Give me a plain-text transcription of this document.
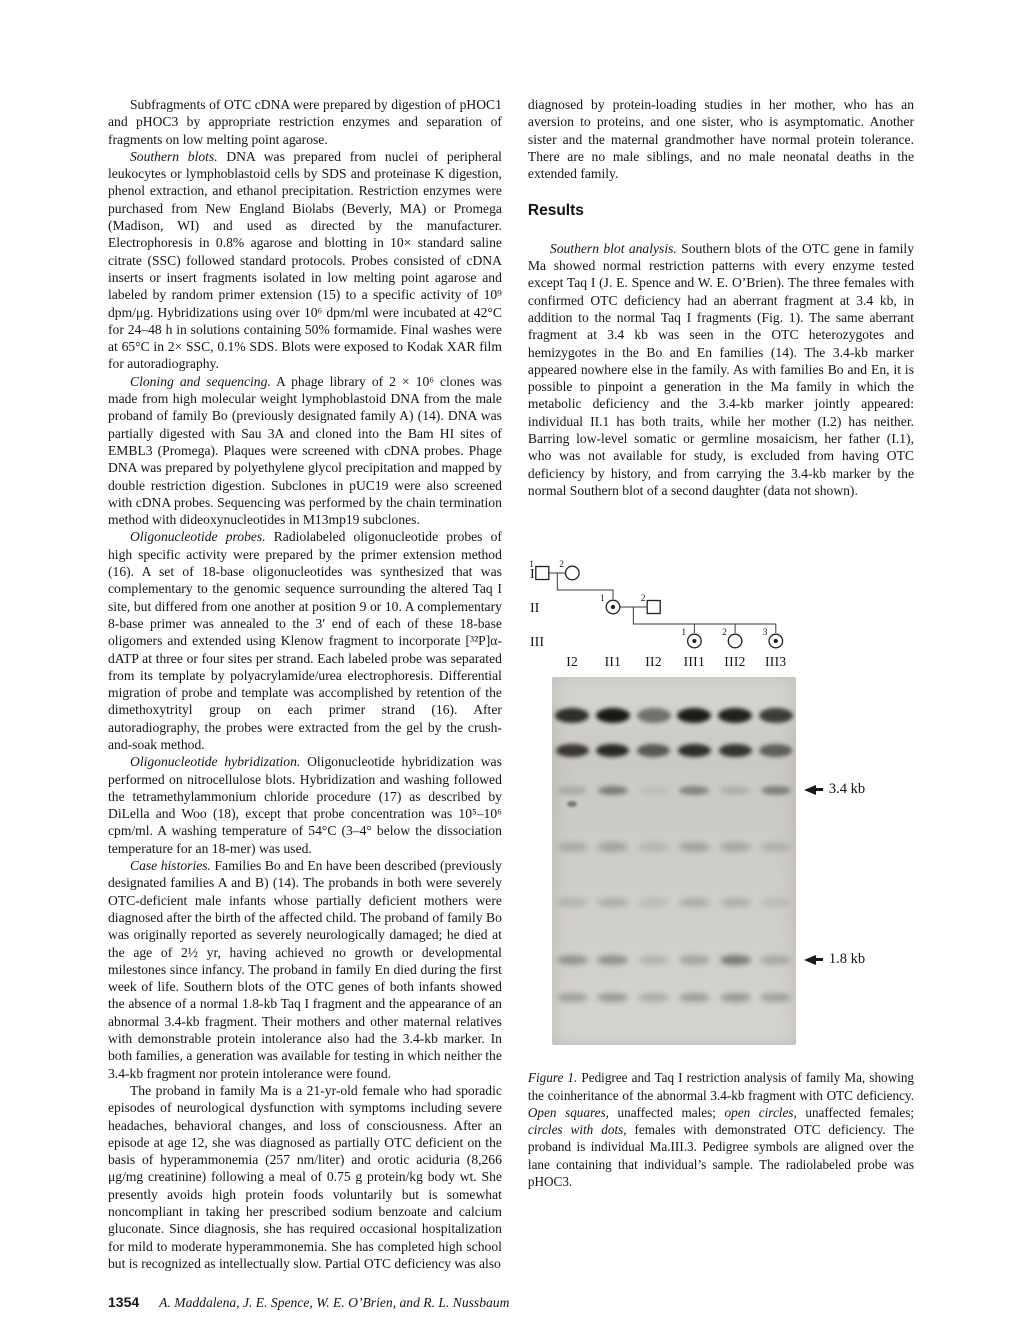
Subfragments of OTC cDNA were prepared by digestion of pHOC1 and pHOC3 by appropriate restriction enzymes and separation of fragments on low melting point agarose.

Southern blots. DNA was prepared from nuclei of peripheral leukocytes or lymphoblastoid cells by SDS and proteinase K digestion, phenol extraction, and ethanol precipitation. Restriction enzymes were purchased from New England Biolabs (Beverly, MA) or Promega (Madison, WI) and used as directed by the manufacturer. Electrophoresis in 0.8% agarose and blotting in 10× standard saline citrate (SSC) followed standard protocols. Probes consisted of cDNA inserts or insert fragments isolated in low melting point agarose and labeled by random primer extension (15) to a specific activity of 10⁹ dpm/μg. Hybridizations using over 10⁶ dpm/ml were incubated at 42°C for 24–48 h in solutions containing 50% formamide. Final washes were at 65°C in 2× SSC, 0.1% SDS. Blots were exposed to Kodak XAR film for autoradiography.

Cloning and sequencing. A phage library of 2 × 10⁶ clones was made from high molecular weight lymphoblastoid DNA from the male proband of family Bo (previously designated family A) (14). DNA was partially digested with Sau 3A and cloned into the Bam HI sites of EMBL3 (Promega). Plaques were screened with cDNA probes. Phage DNA was prepared by polyethylene glycol precipitation and mapped by double restriction digestion. Subclones in pUC19 were also screened with cDNA probes. Sequencing was performed by the chain termination method with dideoxynucleotides in M13mp19 subclones.

Oligonucleotide probes. Radiolabeled oligonucleotide probes of high specific activity were prepared by the primer extension method (16). A set of 18-base oligonucleotides was synthesized that was complementary to the genomic sequence surrounding the altered Taq I site, but differed from one another at position 9 or 10. A complementary 8-base primer was annealed to the 3′ end of each of these 18-base oligomers and extended using Klenow fragment to incorporate [³²P]α-dATP at three or four sites per strand. Each labeled probe was separated from its template by polyacrylamide/urea electrophoresis. Differential migration of probe and template was accomplished by retention of the dimethoxytrityl group on each primer strand (16). After autoradiography, the probes were extracted from the gel by the crush-and-soak method.

Oligonucleotide hybridization. Oligonucleotide hybridization was performed on nitrocellulose blots. Hybridization and washing followed the tetramethylammonium chloride procedure (17) as described by DiLella and Woo (18), except that probe concentration was 10⁵–10⁶ cpm/ml. A washing temperature of 54°C (3–4° below the dissociation temperature for an 18-mer) was used.

Case histories. Families Bo and En have been described (previously designated families A and B) (14). The probands in both were severely OTC-deficient male infants whose partially deficient mothers were diagnosed after the birth of the affected child. The proband of family Bo was originally reported as severely neurologically damaged; he died at the age of 2½ yr, having achieved no growth or developmental milestones since infancy. The proband in family En died during the first week of life. Southern blots of the OTC genes of both infants showed the absence of a normal 1.8-kb Taq I fragment and the appearance of an abnormal 3.4-kb fragment. Their mothers and other maternal relatives with demonstrable protein intolerance also had the 3.4-kb marker. In both families, a generation was available for testing in which neither the 3.4-kb fragment nor protein intolerance were found.

The proband in family Ma is a 21-yr-old female who had sporadic episodes of neurological dysfunction with symptoms including severe headaches, behavioral changes, and loss of consciousness. After an episode at age 12, she was diagnosed as partially OTC deficient on the basis of hyperammonemia (257 nm/liter) and orotic aciduria (8,266 μg/mg creatinine) following a meal of 0.75 g protein/kg body wt. She presently avoids high protein foods voluntarily but is somewhat noncompliant in taking her prescribed sodium benzoate and calcium gluconate. Since diagnosis, she has required occasional hospitalization for mild to moderate hyperammonemia. She has completed high school but is recognized as intellectually slow. Partial OTC deficiency was also

diagnosed by protein-loading studies in her mother, who has an aversion to proteins, and one sister, who is asymptomatic. Another sister and the maternal grandmother have normal protein tolerance. There are no male siblings, and no male neonatal deaths in the extended family.

Results

Southern blot analysis. Southern blots of the OTC gene in family Ma showed normal restriction patterns with every enzyme tested except Taq I (J. E. Spence and W. E. O’Brien). The three females with confirmed OTC deficiency had an aberrant fragment at 3.4 kb, in addition to the normal Taq I fragments (Fig. 1). The same aberrant fragment at 3.4 kb was seen in the OTC heterozygotes and hemizygotes in the Bo and En families (14). The 3.4-kb marker appeared nowhere else in the family. As with families Bo and En, it is possible to pinpoint a generation in the Ma family in which the metabolic deficiency and the 3.4-kb marker jointly appeared: individual II.1 has both traits, while her mother (I.2) has neither. Barring low-level somatic or germline mosaicism, her father (I.1), who was not available for study, is excluded from having OTC deficiency by history, and from carrying the 3.4-kb marker by the normal Southern blot of a second daughter (data not shown).

I
II
III
1	2
1	2
1	2	3
I2	II1	II2	III1	III2	III3
3.4 kb
1.8 kb
Figure 1. Pedigree and Taq I restriction analysis of family Ma, showing the coinheritance of the abnormal 3.4-kb fragment with OTC deficiency. Open squares, unaffected males; open circles, unaffected females; circles with dots, females with demonstrated OTC deficiency. The proband is individual Ma.III.3. Pedigree symbols are aligned over the lane containing that individual’s sample. The radiolabeled probe was pHOC3.
1354 A. Maddalena, J. E. Spence, W. E. O’Brien, and R. L. Nussbaum
